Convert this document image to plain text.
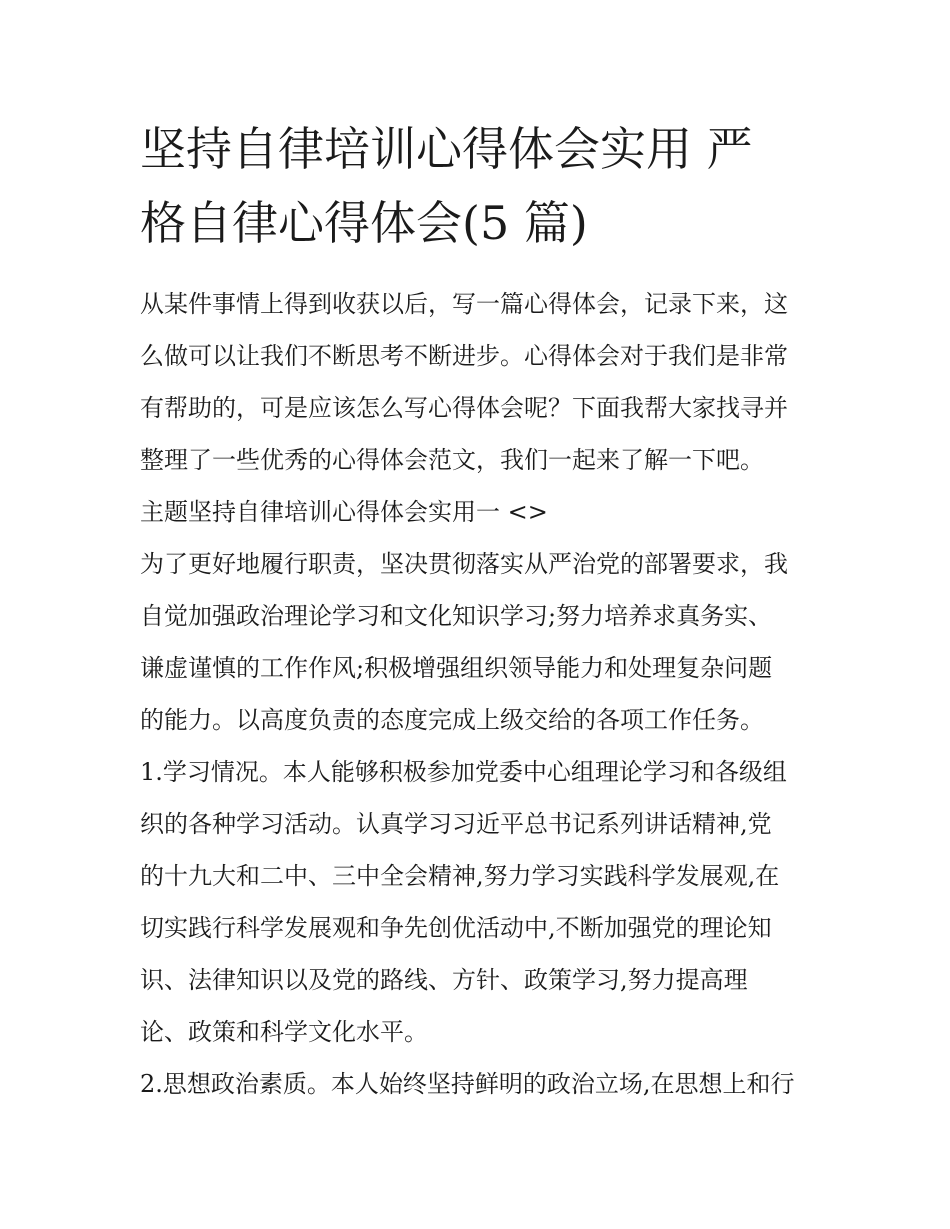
坚持自律培训心得体会实用 严
格自律心得体会(5 篇)
从某件事情上得到收获以后，写一篇心得体会，记录下来，这
么做可以让我们不断思考不断进步。心得体会对于我们是非常
有帮助的，可是应该怎么写心得体会呢？下面我帮大家找寻并
整理了一些优秀的心得体会范文，我们一起来了解一下吧。
主题坚持自律培训心得体会实用一 <>
为了更好地履行职责，坚决贯彻落实从严治党的部署要求，我
自觉加强政治理论学习和文化知识学习;努力培养求真务实、
谦虚谨慎的工作作风;积极增强组织领导能力和处理复杂问题
的能力。以高度负责的态度完成上级交给的各项工作任务。
1.学习情况。本人能够积极参加党委中心组理论学习和各级组
织的各种学习活动。认真学习习近平总书记系列讲话精神,党
的十九大和二中、三中全会精神,努力学习实践科学发展观,在
切实践行科学发展观和争先创优活动中,不断加强党的理论知
识、法律知识以及党的路线、方针、政策学习,努力提高理
论、政策和科学文化水平。
2.思想政治素质。本人始终坚持鲜明的政治立场,在思想上和行
